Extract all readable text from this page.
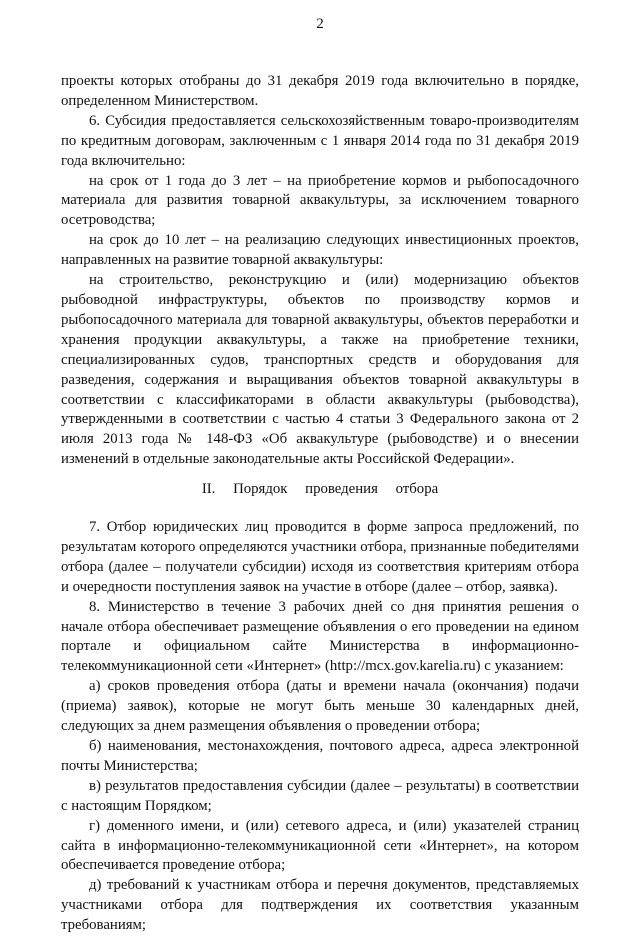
2

проекты которых отобраны до 31 декабря 2019 года включительно в порядке, определенном Министерством.

6. Субсидия предоставляется сельскохозяйственным товаро-производителям по кредитным договорам, заключенным с 1 января 2014 года по 31 декабря 2019 года включительно:

на срок от 1 года до 3 лет – на приобретение кормов и рыбопосадочного материала для развития товарной аквакультуры, за исключением товарного осетроводства;

на срок до 10 лет – на реализацию следующих инвестиционных проектов, направленных на развитие товарной аквакультуры:

на строительство, реконструкцию и (или) модернизацию объектов рыбоводной инфраструктуры, объектов по производству кормов и рыбопосадочного материала для товарной аквакультуры, объектов переработки и хранения продукции аквакультуры, а также на приобретение техники, специализированных судов, транспортных средств и оборудования для разведения, содержания и выращивания объектов товарной аквакультуры в соответствии с классификаторами в области аквакультуры (рыбоводства), утвержденными в соответствии с частью 4 статьи 3 Федерального закона от 2 июля 2013 года № 148-ФЗ «Об аквакультуре (рыбоводстве) и о внесении изменений в отдельные законодательные акты Российской Федерации».

II. Порядок проведения отбора

7. Отбор юридических лиц проводится в форме запроса предложений, по результатам которого определяются участники отбора, признанные победителями отбора (далее – получатели субсидии) исходя из соответствия критериям отбора и очередности поступления заявок на участие в отборе (далее – отбор, заявка).

8. Министерство в течение 3 рабочих дней со дня принятия решения о начале отбора обеспечивает размещение объявления о его проведении на едином портале и официальном сайте Министерства в информационно-телекоммуникационной сети «Интернет» (http://mcx.gov.karelia.ru) с указанием:

а) сроков проведения отбора (даты и времени начала (окончания) подачи (приема) заявок), которые не могут быть меньше 30 календарных дней, следующих за днем размещения объявления о проведении отбора;

б) наименования, местонахождения, почтового адреса, адреса электронной почты Министерства;

в) результатов предоставления субсидии (далее – результаты) в соответствии с настоящим Порядком;

г) доменного имени, и (или) сетевого адреса, и (или) указателей страниц сайта в информационно-телекоммуникационной сети «Интернет», на котором обеспечивается проведение отбора;

д) требований к участникам отбора и перечня документов, представляемых участниками отбора для подтверждения их соответствия указанным требованиям;
